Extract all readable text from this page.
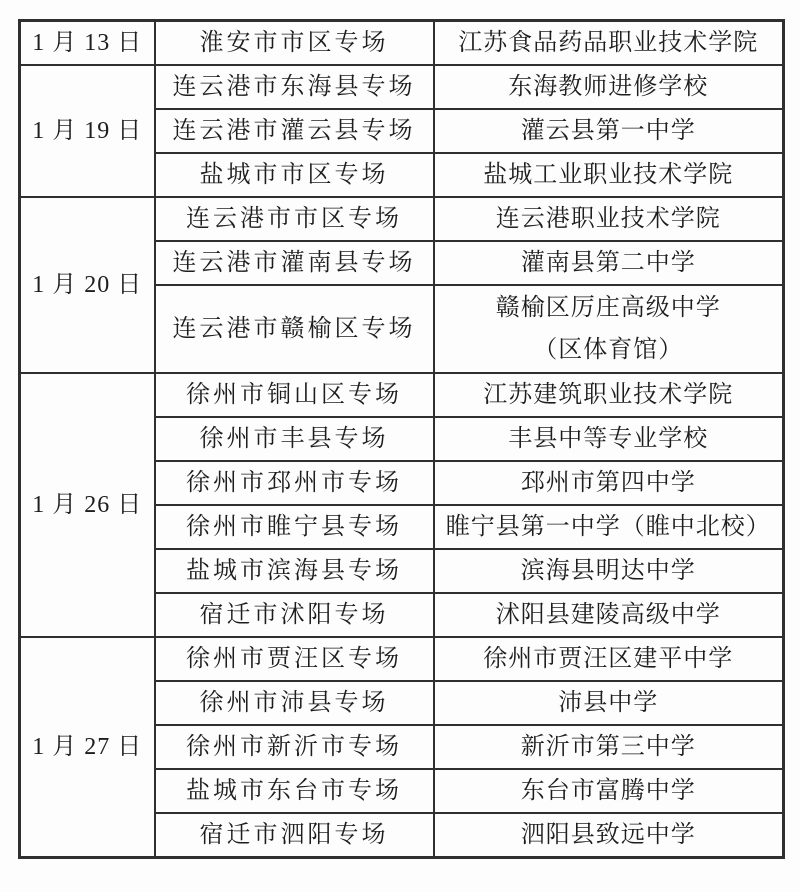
1 月 13 日	淮安市市区专场	江苏食品药品职业技术学院
1 月 19 日	连云港市东海县专场	东海教师进修学校
	连云港市灌云县专场	灌云县第一中学
	盐城市市区专场	盐城工业职业技术学院
1 月 20 日	连云港市市区专场	连云港职业技术学院
	连云港市灌南县专场	灌南县第二中学
	连云港市赣榆区专场	赣榆区厉庄高级中学
（区体育馆）

1 月 26 日	徐州市铜山区专场	江苏建筑职业技术学院
	徐州市丰县专场	丰县中等专业学校
	徐州市邳州市专场	邳州市第四中学
	徐州市睢宁县专场	睢宁县第一中学（睢中北校）
	盐城市滨海县专场	滨海县明达中学
	宿迁市沭阳专场	沭阳县建陵高级中学
1 月 27 日	徐州市贾汪区专场	徐州市贾汪区建平中学
	徐州市沛县专场	沛县中学
	徐州市新沂市专场	新沂市第三中学
	盐城市东台市专场	东台市富腾中学
	宿迁市泗阳专场	泗阳县致远中学
